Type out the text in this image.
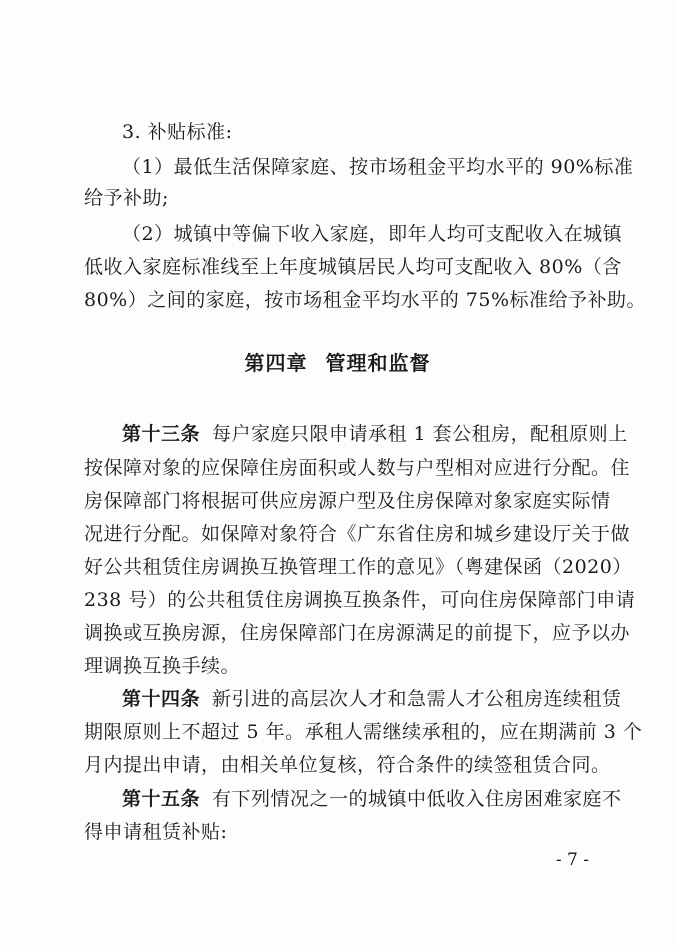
3. 补贴标准:
（1）最低生活保障家庭、按市场租金平均水平的 90%标准
给予补助;
（2）城镇中等偏下收入家庭，即年人均可支配收入在城镇
低收入家庭标准线至上年度城镇居民人均可支配收入 80%（含
80%）之间的家庭，按市场租金平均水平的 75%标准给予补助。
第四章 管理和监督
第十三条 每户家庭只限申请承租 1 套公租房，配租原则上
按保障对象的应保障住房面积或人数与户型相对应进行分配。住
房保障部门将根据可供应房源户型及住房保障对象家庭实际情
况进行分配。如保障对象符合《广东省住房和城乡建设厅关于做
好公共租赁住房调换互换管理工作的意见》（粤建保函（2020）
238 号）的公共租赁住房调换互换条件，可向住房保障部门申请
调换或互换房源，住房保障部门在房源满足的前提下，应予以办
理调换互换手续。
第十四条 新引进的高层次人才和急需人才公租房连续租赁
期限原则上不超过 5 年。承租人需继续承租的，应在期满前 3 个
月内提出申请，由相关单位复核，符合条件的续签租赁合同。
第十五条 有下列情况之一的城镇中低收入住房困难家庭不
得申请租赁补贴:
- 7 -
